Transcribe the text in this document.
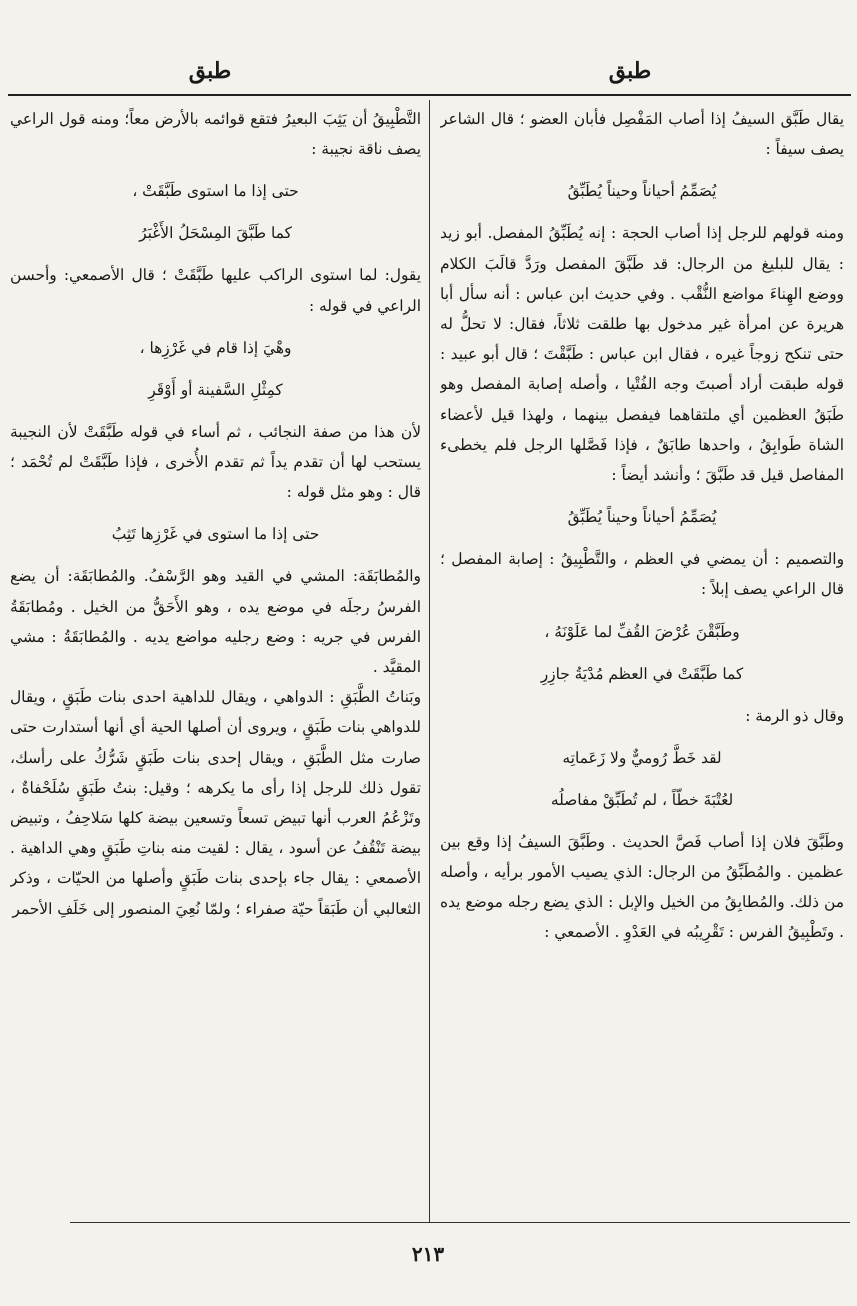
طبق
طبق

يقال طَبَّق السيفُ إذا أصاب المَفْصِل فأبان العضو ؛ قال الشاعر يصف سيفاً :

يُصَمِّمُ أحياناً وحيناً يُطَبِّقُ

ومنه قولهم للرجل إذا أصاب الحجة : إنه يُطَبِّقُ المفصل. أبو زيد : يقال للبليغ من الرجال: قد طَبَّقَ المفصل ورَدَّ قالَبَ الكلام ووضع الهِناءَ مواضع النُّقْب . وفي حديث ابن عباس : أنه سأل أبا هريرة عن امرأة غير مدخول بها طلقت ثلاثاً، فقال: لا تحلُّ له حتى تنكح زوجاً غيره ، فقال ابن عباس : طَبَّقْتَ ؛ قال أبو عبيد : قوله طبقت أراد أصبتَ وجه الفُتْيا ، وأصله إصابة المفصل وهو طَبَقُ العظمين أي ملتقاهما فيفصل بينهما ، ولهذا قيل لأعضاء الشاة طَوابِقُ ، واحدها طابَقٌ ، فإذا فَصَّلها الرجل فلم يخطىء المفاصل قيل قد طَبَّقَ ؛ وأنشد أيضاً :

يُصَمِّمُ أحياناً وحيناً يُطَبِّقُ

والتصميم : أن يمضي في العظم ، والتَّطْبِيقُ : إصابة المفصل ؛ قال الراعي يصف إبلاً :

وطَبَّقْنَ عُرْضَ القُفِّ لما عَلَوْنَهُ ،
كما طَبَّقَتْ في العظم مُدْيَةُ جازِرِ

وقال ذو الرمة :

لقد خَطَّ رُوميٌّ ولا زَعَماتِه
لعُتْبَةَ خطّاً ، لم تُطَبِّقْ مفاصلُه

وطَبَّقَ فلان إذا أصاب فَصَّ الحديث . وطَبَّقَ السيفُ إذا وقع بين عظمين . والمُطَبِّقُ من الرجال: الذي يصيب الأمور برأيه ، وأصله من ذلك. والمُطابِقُ من الخيل والإبل : الذي يضع رجله موضع يده . وتَطْبِيقُ الفرس : تَقْرِيبُه في العَدْوِ . الأصمعي :

التَّطْبِيقُ أن يَثِبَ البعيرُ فتقع قوائمه بالأرض معاً؛ ومنه قول الراعي يصف ناقة نجيبة :

حتى إذا ما استوى طَبَّقَتْ ،
كما طَبَّقَ المِسْحَلُ الأَغْبَرُ

يقول: لما استوى الراكب عليها طَبَّقَتْ ؛ قال الأصمعي: وأحسن الراعي في قوله :

وهْيَ إذا قام في غَرْزِها ،
كمِثْلِ السَّفينة أو أَوْقَرِ

لأن هذا من صفة النجائب ، ثم أساء في قوله طَبَّقَتْ لأن النجيبة يستحب لها أن تقدم يداً ثم تقدم الأُخرى ، فإذا طَبَّقَتْ لم تُحْمَد ؛ قال : وهو مثل قوله :

حتى إذا ما استوى في غَرْزِها تَثِبُ

والمُطابَقَة: المشي في القيد وهو الرَّسْفُ. والمُطابَقَة: أن يضع الفرسُ رجلَه في موضع يده ، وهو الأَحَقُّ من الخيل . ومُطابَقَةُ الفرس في جريه : وضع رجليه مواضع يديه . والمُطابَقَةُ : مشي المقيَّد .

وبَناتُ الطَّبَقِ : الدواهي ، ويقال للداهية احدى بنات طَبَقٍ ، ويقال للدواهي بنات طَبَقٍ ، ويروى أن أصلها الحية أي أنها أستدارت حتى صارت مثل الطَّبَقِ ، ويقال إحدى بنات طَبَقٍ شَرُّكُ على رأسك، تقول ذلك للرجل إذا رأى ما يكرهه ؛ وقيل: بنتُ طَبَقٍ سُلَحْفاةٌ ، وتَزْعُمُ العرب أنها تبيض تسعاً وتسعين بيضة كلها سَلاحِفُ ، وتبيض بيضة تَنْقُفُ عن أسود ، يقال : لقيت منه بناتِ طَبَقٍ وهي الداهية . الأصمعي : يقال جاء بإحدى بنات طَبَقٍ وأصلها من الحيّات ، وذكر الثعالبي أن طَبَقاً حيّة صفراء ؛ ولمّا نُعِيَ المنصور إلى خَلَفِ الأحمر

٢١٣
